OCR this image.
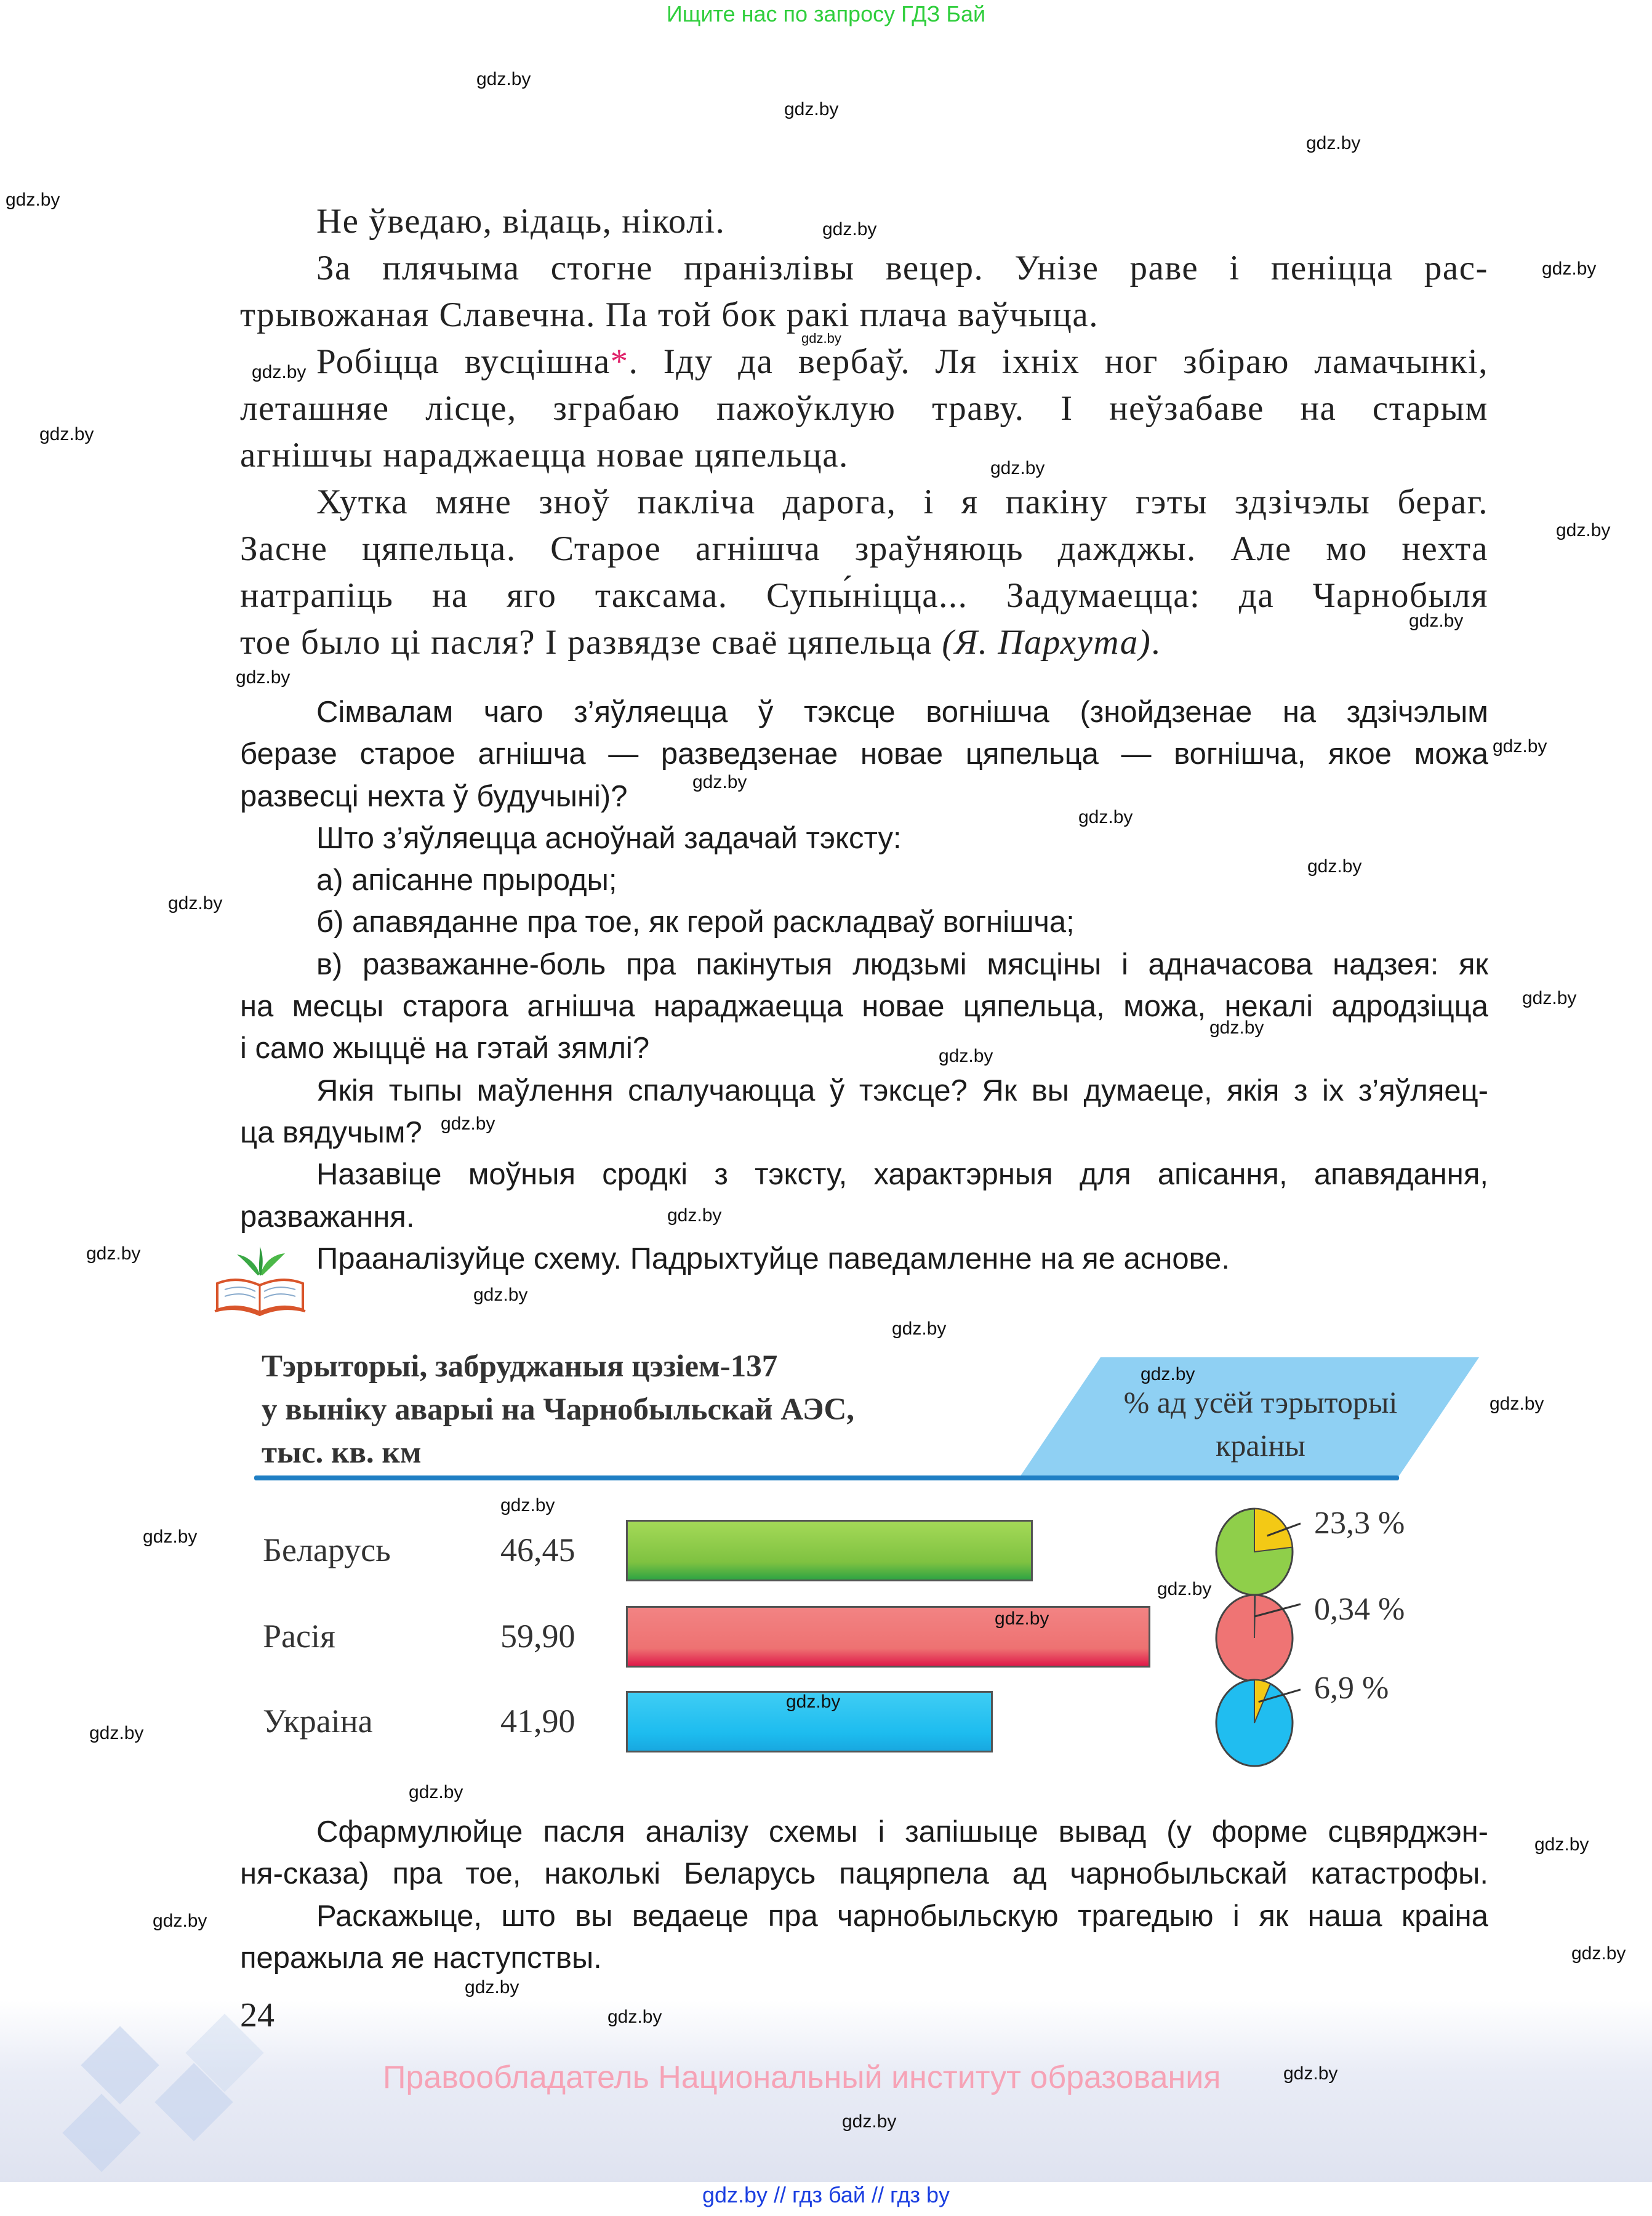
Ищите нас по запросу ГДЗ Бай
Не ўведаю, відаць, ніколі.
За плячыма стогне пранізлівы вецер. Унізе раве і пеніцца рас-
трывожаная Славечна. Па той бок ракі плача ваўчыца.
Робіцца вусцішна*. Іду да вербаў. Ля іхніх ног збіраю ламачынкі,
леташняе лісце, зграбаю пажоўклую траву. І неўзабаве на старым
агнішчы нараджаецца новае цяпельца.
Хутка мяне зноў пакліча дарога, і я пакіну гэты здзічэлы бераг.
Засне цяпельца. Старое агнішча зраўняюць дажджы. Але мо нехта
натрапіць на яго таксама. Супы́ніцца... Задумаецца: да Чарнобыля
тое было ці пасля? І развядзе сваё цяпельца (Я. Пархута).
Сімвалам чаго з’яўляецца ў тэксце вогнішча (знойдзенае на здзічэлым
беразе старое агнішча — разведзенае новае цяпельца — вогнішча, якое можа
развесці нехта ў будучыні)?
Што з’яўляецца асноўнай задачай тэксту:
а) апісанне прыроды;
б) апавяданне пра тое, як герой раскладваў вогнішча;
в) разважанне-боль пра пакінутыя людзьмі мясціны і адначасова надзея: як
на месцы старога агнішча нараджаецца новае цяпельца, можа, некалі адродзіцца
і само жыццё на гэтай зямлі?
Якія тыпы маўлення спалучаюцца ў тэксце? Як вы думаеце, якія з іх з’яўляец-
ца вядучым?
Назавіце моўныя сродкі з тэксту, характэрныя для апісання, апавядання,
разважання.
Прааналізуйце схему. Падрыхтуйце паведамленне на яе аснове.
Тэрыторыі, забруджаныя цэзіем-137
у выніку аварыі на Чарнобыльскай АЭС,
тыс. кв. км
% ад усёй тэрыторыі
краіны
Беларусь	46,45
23,3 %
Расія	59,90
0,34 %
Украіна	41,90
6,9 %
Сфармулюйце пасля аналізу схемы і запішыце вывад (у форме сцвярджэн-
ня-сказа) пра тое, наколькі Беларусь пацярпела ад чарнобыльскай катастрофы.
Раскажыце, што вы ведаеце пра чарнобыльскую трагедыю і як наша краіна
перажыла яе наступствы.
24
Правообладатель Национальный институт образования
gdz.by // гдз бай // гдз by
gdz.by
gdz.by
gdz.by
gdz.by
gdz.by
gdz.by
gdz.by
gdz.by
gdz.by
gdz.by
gdz.by
gdz.by
gdz.by
gdz.by
gdz.by
gdz.by
gdz.by
gdz.by
gdz.by
gdz.by
gdz.by
gdz.by
gdz.by
gdz.by
gdz.by
gdz.by
gdz.by
gdz.by
gdz.by
gdz.by
gdz.by
gdz.by
gdz.by
gdz.by
gdz.by
gdz.by
gdz.by
gdz.by
gdz.by
gdz.by
gdz.by
gdz.by
